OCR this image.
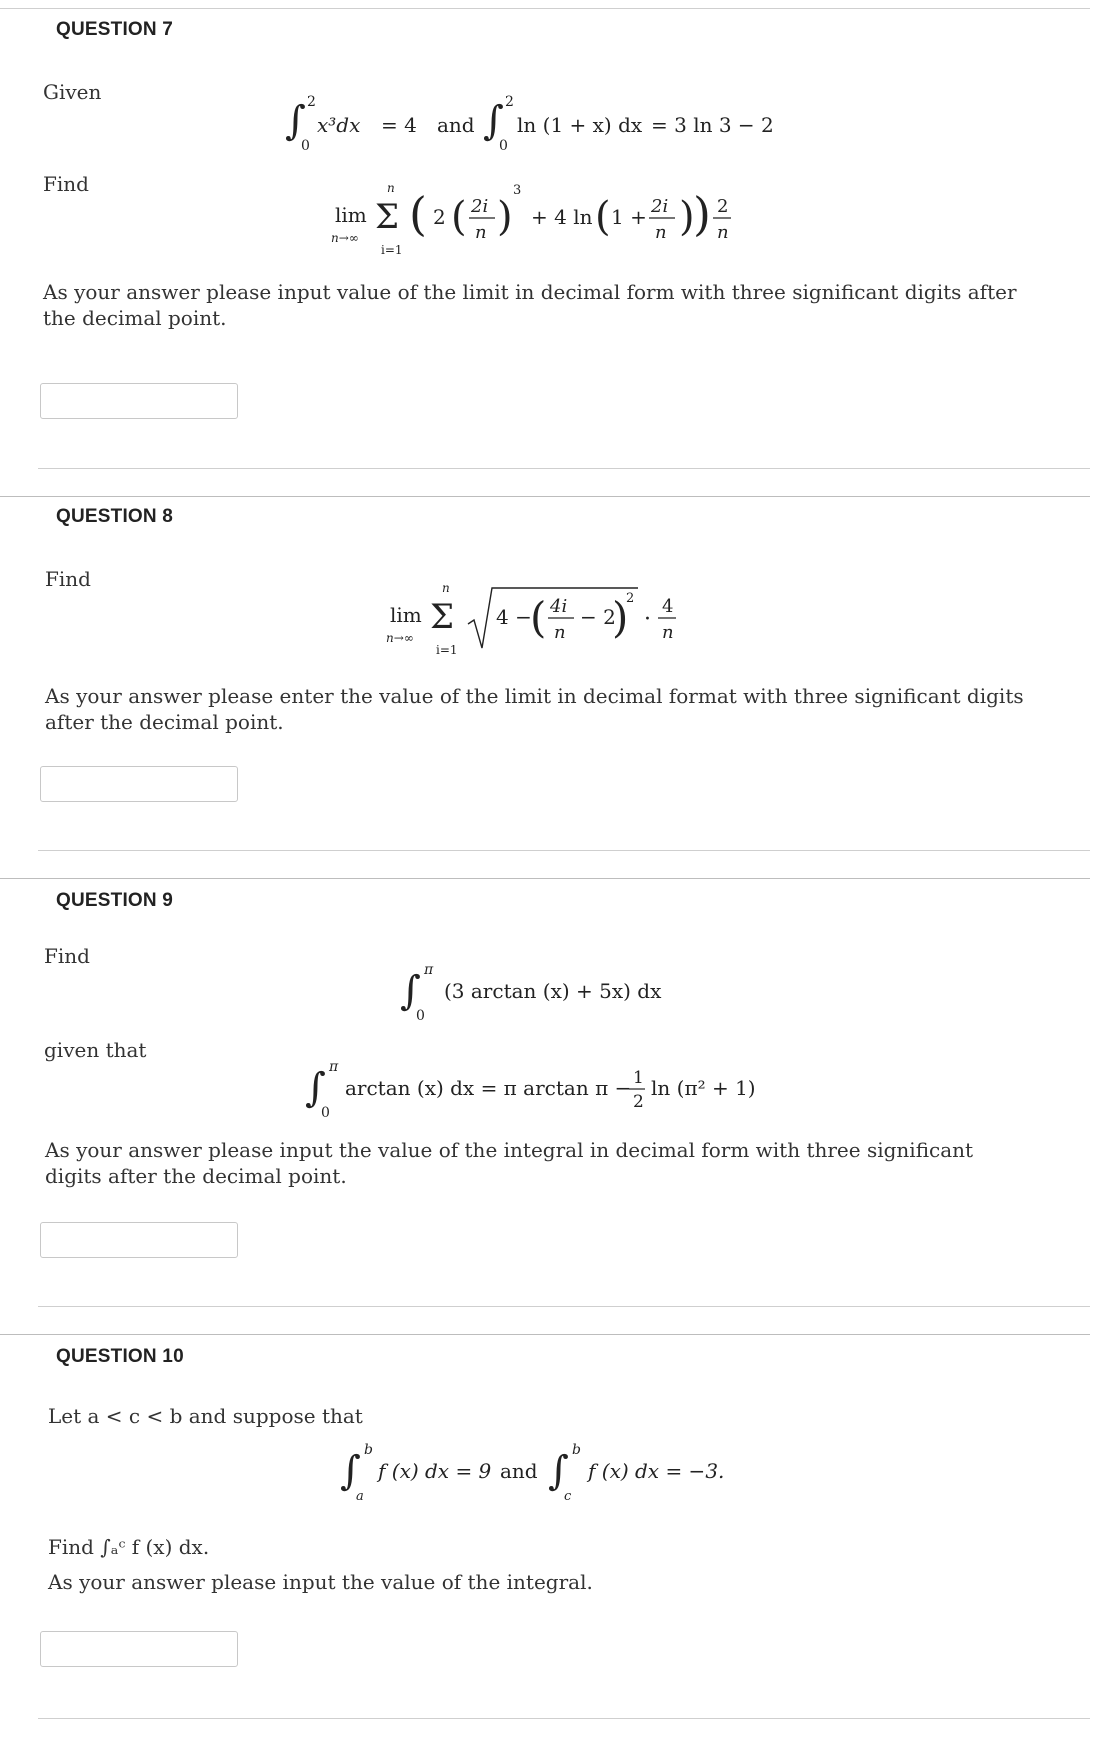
QUESTION 7
Given
∫ 2
0
x³dx = 4 and ∫ 2
0
ln (1 + x) dx = 3 ln 3 − 2
Find
lim
n→∞
n
Σ
i=1
( 2 ( 2i
n )
3
+ 4 ln ( 1 + 2i
n )
) 2
n
As your answer please input value of the limit in decimal form with three significant digits after the decimal point.
QUESTION 8
Find
lim
n→∞
n
Σ
i=1
4 −
( 4i
n
− 2
)
2
·
4
n
As your answer please enter the value of the limit in decimal format with three significant digits after the decimal point.
QUESTION 9
Find
∫ π
0
(3 arctan (x) + 5x) dx
given that
∫ π
0
arctan (x) dx = π arctan π − 1
2
ln (π² + 1)
As your answer please input the value of the integral in decimal form with three significant digits after the decimal point.
QUESTION 10
Let a < c < b and suppose that
∫ b
a
f (x) dx = 9 and ∫ b
c
f (x) dx = −3.
Find ∫ₐᶜ f (x) dx.
As your answer please input the value of the integral.
